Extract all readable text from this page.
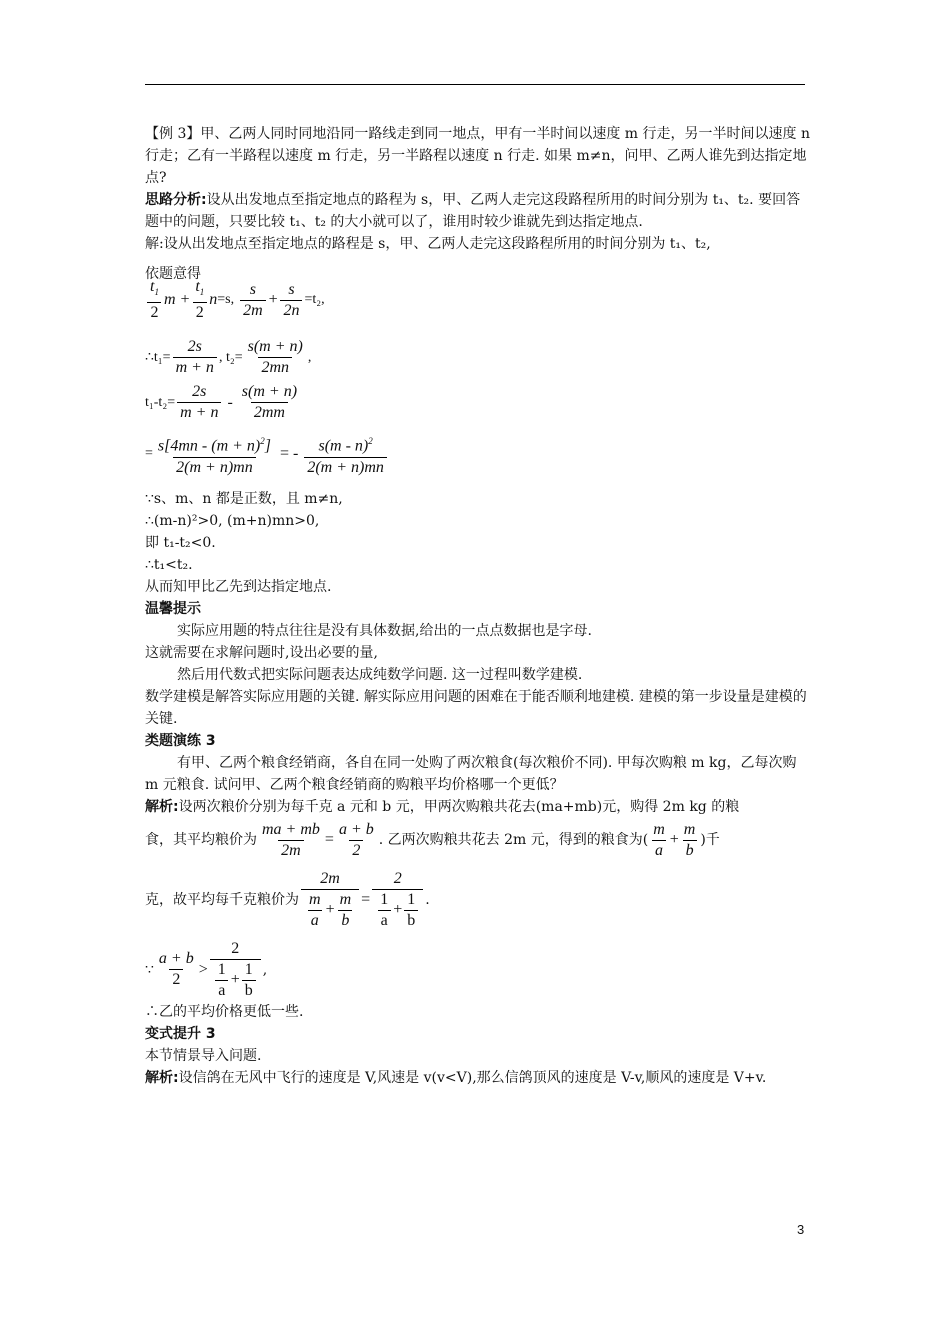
【例 3】甲、乙两人同时同地沿同一路线走到同一地点，甲有一半时间以速度 m 行走，另一半时间以速度 n 行走；乙有一半路程以速度 m 行走，另一半路程以速度 n 行走. 如果 m≠n，问甲、乙两人谁先到达指定地点?

思路分析:设从出发地点至指定地点的路程为 s，甲、乙两人走完这段路程所用的时间分别为 t₁、t₂. 要回答题中的问题，只要比较 t₁、t₂ 的大小就可以了，谁用时较少谁就先到达指定地点.

解:设从出发地点至指定地点的路程是 s，甲、乙两人走完这段路程所用的时间分别为 t₁、t₂,

依题意得
$\frac{t_1}{2}$ $m + \frac{t_1}{2}$ n =s,
$\frac{s}{2m} + \frac{s}{2n} =t_2$,
∴t₁= $\frac{2s}{m + n}$ , $t_2= \frac{s(m + n)}{2mn}$ ,
$t_1-t_2= \frac{2s}{m + n} - \frac{s(m + n)}{2mm}$
= $\frac{s[4mn - (m + n)^2]}{2(m + n)mn}$ = - $\frac{s(m - n)^2}{2(m + n)mn}$

∵s、m、n 都是正数，且 m≠n,

∴(m-n)²>0, (m+n)mn>0,

即 t₁-t₂<0.

∴t₁<t₂.

从而知甲比乙先到达指定地点.

温馨提示

实际应用题的特点往往是没有具体数据,给出的一点点数据也是字母.

这就需要在求解问题时,设出必要的量,

然后用代数式把实际问题表达成纯数学问题. 这一过程叫数学建模.

数学建模是解答实际应用题的关键. 解实际应用问题的困难在于能否顺利地建模. 建模的第一步设量是建模的关键.

类题演练 3

有甲、乙两个粮食经销商，各自在同一处购了两次粮食(每次粮价不同). 甲每次购粮 m kg，乙每次购 m 元粮食. 试问甲、乙两个粮食经销商的购粮平均价格哪一个更低？

解析:设两次粮价分别为每千克 a 元和 b 元，甲两次购粮共花去(ma+mb)元，购得 2m kg 的粮

食，其平均粮价为 $\frac{ma + mb}{2m} = \frac{a + b}{2}$ . 乙两次购粮共花去 2m 元，得到的粮食为( $\frac{m}{a} + \frac{m}{b}$ )千
克，故平均每千克粮价为 $\frac{2m}{\frac{m}{a} + \frac{m}{b}} = \frac{2}{\frac{1}{a} + \frac{1}{b}}$ .
∵ $\frac{a + b}{2} > \frac{2}{\frac{1}{a} + \frac{1}{b}}$ ,

∴乙的平均价格更低一些.

变式提升 3

本节情景导入问题.

解析:设信鸽在无风中飞行的速度是 V,风速是 v(v<V),那么信鸽顶风的速度是 V-v,顺风的速度是 V+v.

3
